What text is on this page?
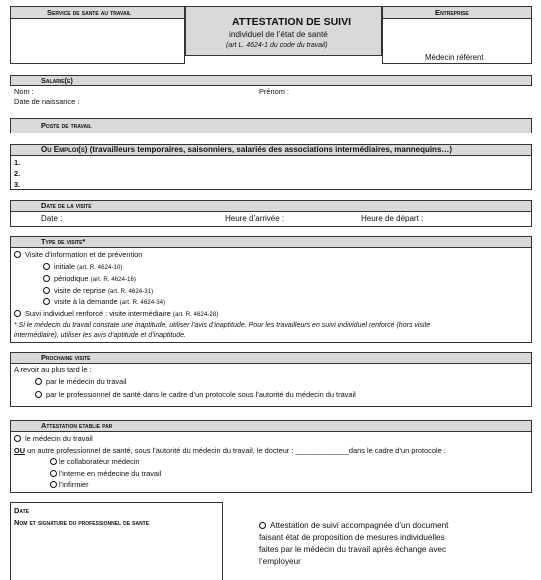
Service de sante au travail
ATTESTATION DE SUIVI
individuel de l’état de santé
(art L. 4624-1 du code du travail)
Entreprise
Médecin référent
Salarie(e)
Nom :	Prénom :
Date de naissance :
Poste de travail
Ou Emploi(s) (travailleurs temporaires, saisonniers, salariés des associations intermédiaires, mannequins…)
1.
2.
3.
Date de la visite
Date :	Heure d’arrivée :	Heure de départ :
Type de visite*
Visite d’information et de prévention
initiale (art. R. 4624-10)
périodique (art. R. 4624-16)
visite de reprise (art. R. 4624-31)
visite à la demande (art. R. 4624-34)
Suivi individuel renforcé : visite intermédiaire (art. R. 4624-28)
* Si le médecin du travail constate une inaptitude, utiliser l’avis d’inaptitude. Pour les travailleurs en suivi individuel renforcé (hors visite
intermédiaire), utiliser les avis d’aptitude et d’inaptitude.
Prochaine visite
A revoir au plus tard le :
par le médecin du travail
par le professionnel de santé dans le cadre d’un protocole sous l’autorité du médecin du travail
Attestation etablie par
le médecin du travail
OU un autre professionnel de santé, sous l’autorité du médecin du travail, le docteur : _____________dans le cadre d’un protocole :
le collaborateur médecin
l’interne en médecine du travail
l’infirmier
Date
Nom et signature du professionnel de sante	Attestation de suivi accompagnée d’un document
faisant état de proposition de mesures individuelles
faites par le médecin du travail après échange avec
l’employeur
